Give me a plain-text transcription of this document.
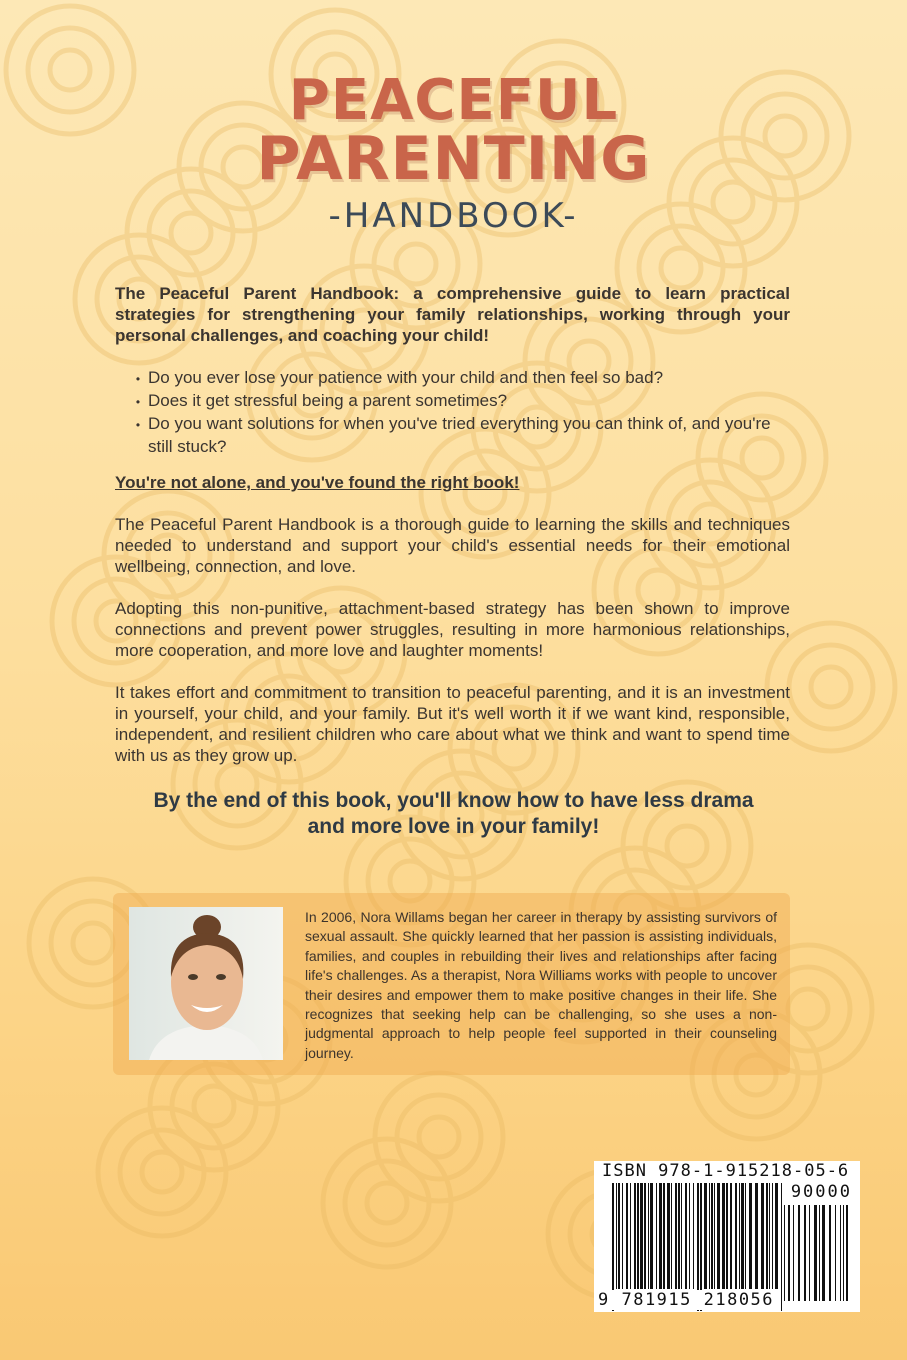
PEACEFUL
PARENTING
-HANDBOOK-

The Peaceful Parent Handbook: a comprehensive guide to learn practical strategies for strengthening your family relationships, working through your personal challenges, and coaching your child!

• Do you ever lose your patience with your child and then feel so bad?
• Does it get stressful being a parent sometimes?
• Do you want solutions for when you've tried everything you can think of, and you're still stuck?

You're not alone, and you've found the right book!

The Peaceful Parent Handbook is a thorough guide to learning the skills and techniques needed to understand and support your child's essential needs for their emotional wellbeing, connection, and love.

Adopting this non-punitive, attachment-based strategy has been shown to improve connections and prevent power struggles, resulting in more harmonious relationships, more cooperation, and more love and laughter moments!

It takes effort and commitment to transition to peaceful parenting, and it is an investment in yourself, your child, and your family. But it's well worth it if we want kind, responsible, independent, and resilient children who care about what we think and want to spend time with us as they grow up.

By the end of this book, you'll know how to have less drama
and more love in your family!

In 2006, Nora Willams began her career in therapy by assisting survivors of sexual assault. She quickly learned that her passion is assisting individuals, families, and couples in rebuilding their lives and relationships after facing life's challenges. As a therapist, Nora Williams works with people to uncover their desires and empower them to make positive changes in their life. She recognizes that seeking help can be challenging, so she uses a non-judgmental approach to help people feel supported in their counseling journey.

ISBN 978-1-915218-05-6
90000
9 781915 218056
